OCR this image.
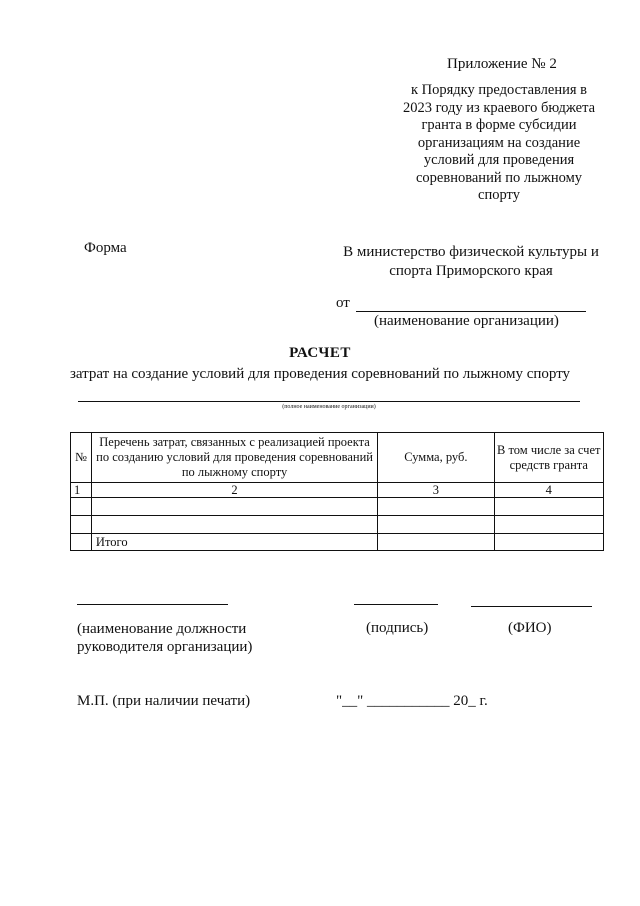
Приложение № 2
к Порядку предоставления в
2023 году из краевого бюджета
гранта в форме субсидии
организациям на создание
условий для проведения
соревнований по лыжному
спорту
Форма	В министерство физической культуры и
спорта Приморского края
от
(наименование организации)
РАСЧЕТ
затрат на создание условий для проведения соревнований по лыжному спорту
(полное наименование организации)
№	Перечень затрат, связанных с реализацией проекта по созданию условий для проведения соревнований по лыжному спорту	Сумма, руб.	В том числе за счет средств гранта
1	2	3	4

	Итого		
(наименование должности
руководителя организации)
(подпись)	(ФИО)
М.П. (при наличии печати)	"__" ___________ 20_ г.
